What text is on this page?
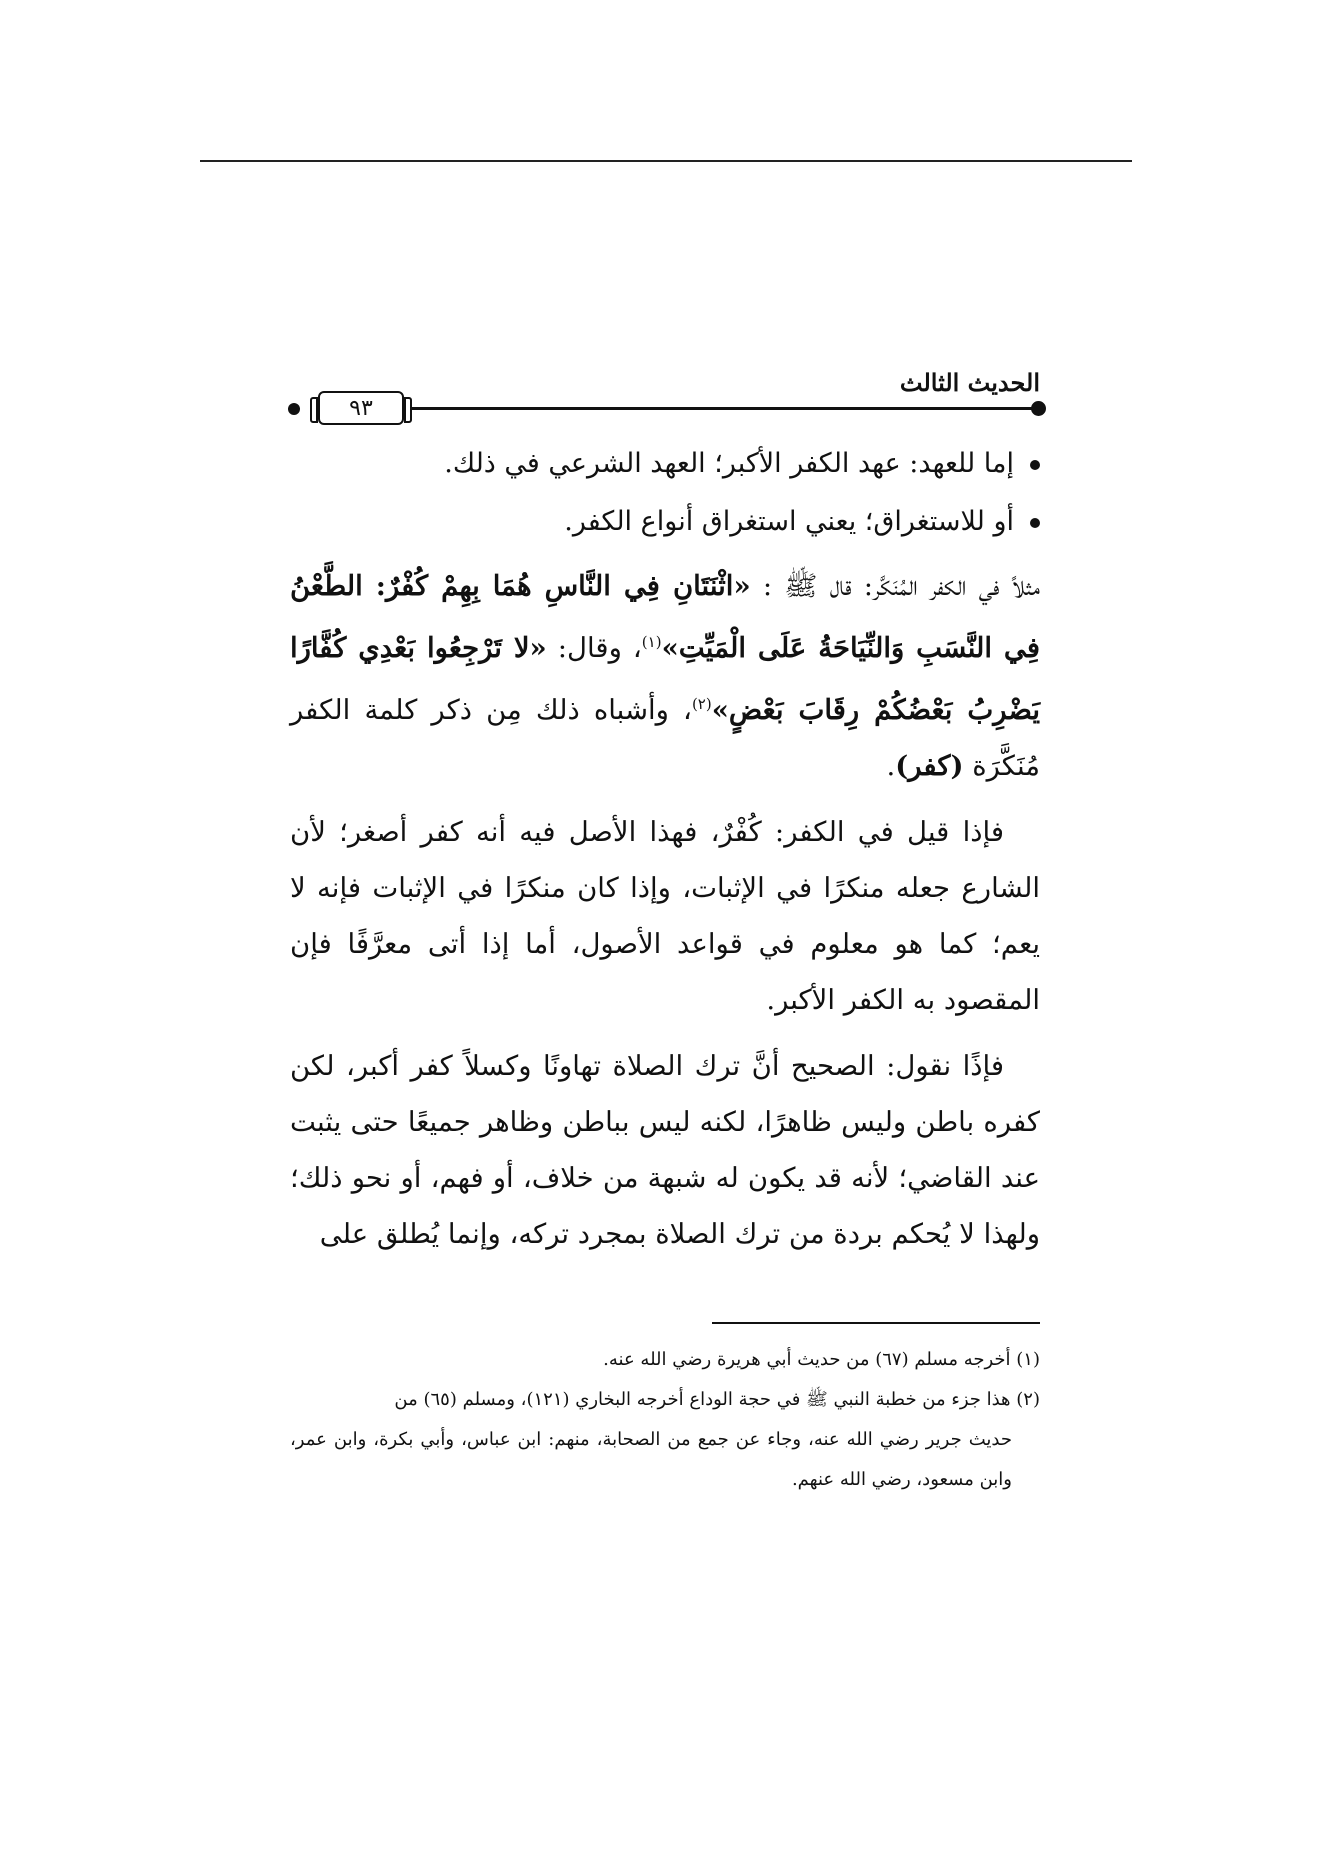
الحديث الثالث
٩٣
إما للعهد: عهد الكفر الأكبر؛ العهد الشرعي في ذلك.
أو للاستغراق؛ يعني استغراق أنواع الكفر.

مثلاً في الكفر المُنَكَّر: قال ﷺ : «اثْنَتَانِ فِي النَّاسِ هُمَا بِهِمْ كُفْرٌ: الطَّعْنُ فِي النَّسَبِ وَالنِّيَاحَةُ عَلَى الْمَيِّتِ»$^{(١)}$، وقال: «لا تَرْجِعُوا بَعْدِي كُفَّارًا يَضْرِبُ بَعْضُكُمْ رِقَابَ بَعْضٍ»$^{(٢)}$، وأشباه ذلك مِن ذكر كلمة الكفر مُنَكَّرَة (كفر).

فإذا قيل في الكفر: كُفْرٌ، فهذا الأصل فيه أنه كفر أصغر؛ لأن الشارع جعله منكرًا في الإثبات، وإذا كان منكرًا في الإثبات فإنه لا يعم؛ كما هو معلوم في قواعد الأصول، أما إذا أتى معرَّفًا فإن المقصود به الكفر الأكبر.

فإذًا نقول: الصحيح أنَّ ترك الصلاة تهاونًا وكسلاً كفر أكبر، لكن كفره باطن وليس ظاهرًا، لكنه ليس بباطن وظاهر جميعًا حتى يثبت عند القاضي؛ لأنه قد يكون له شبهة من خلاف، أو فهم، أو نحو ذلك؛ ولهذا لا يُحكم بردة من ترك الصلاة بمجرد تركه، وإنما يُطلق على

(١) أخرجه مسلم (٦٧) من حديث أبي هريرة رضي الله عنه.

(٢) هذا جزء من خطبة النبي ﷺ في حجة الوداع أخرجه البخاري (١٢١)، ومسلم (٦٥) من

حديث جرير رضي الله عنه، وجاء عن جمع من الصحابة، منهم: ابن عباس، وأبي بكرة، وابن عمر، وابن مسعود، رضي الله عنهم.
